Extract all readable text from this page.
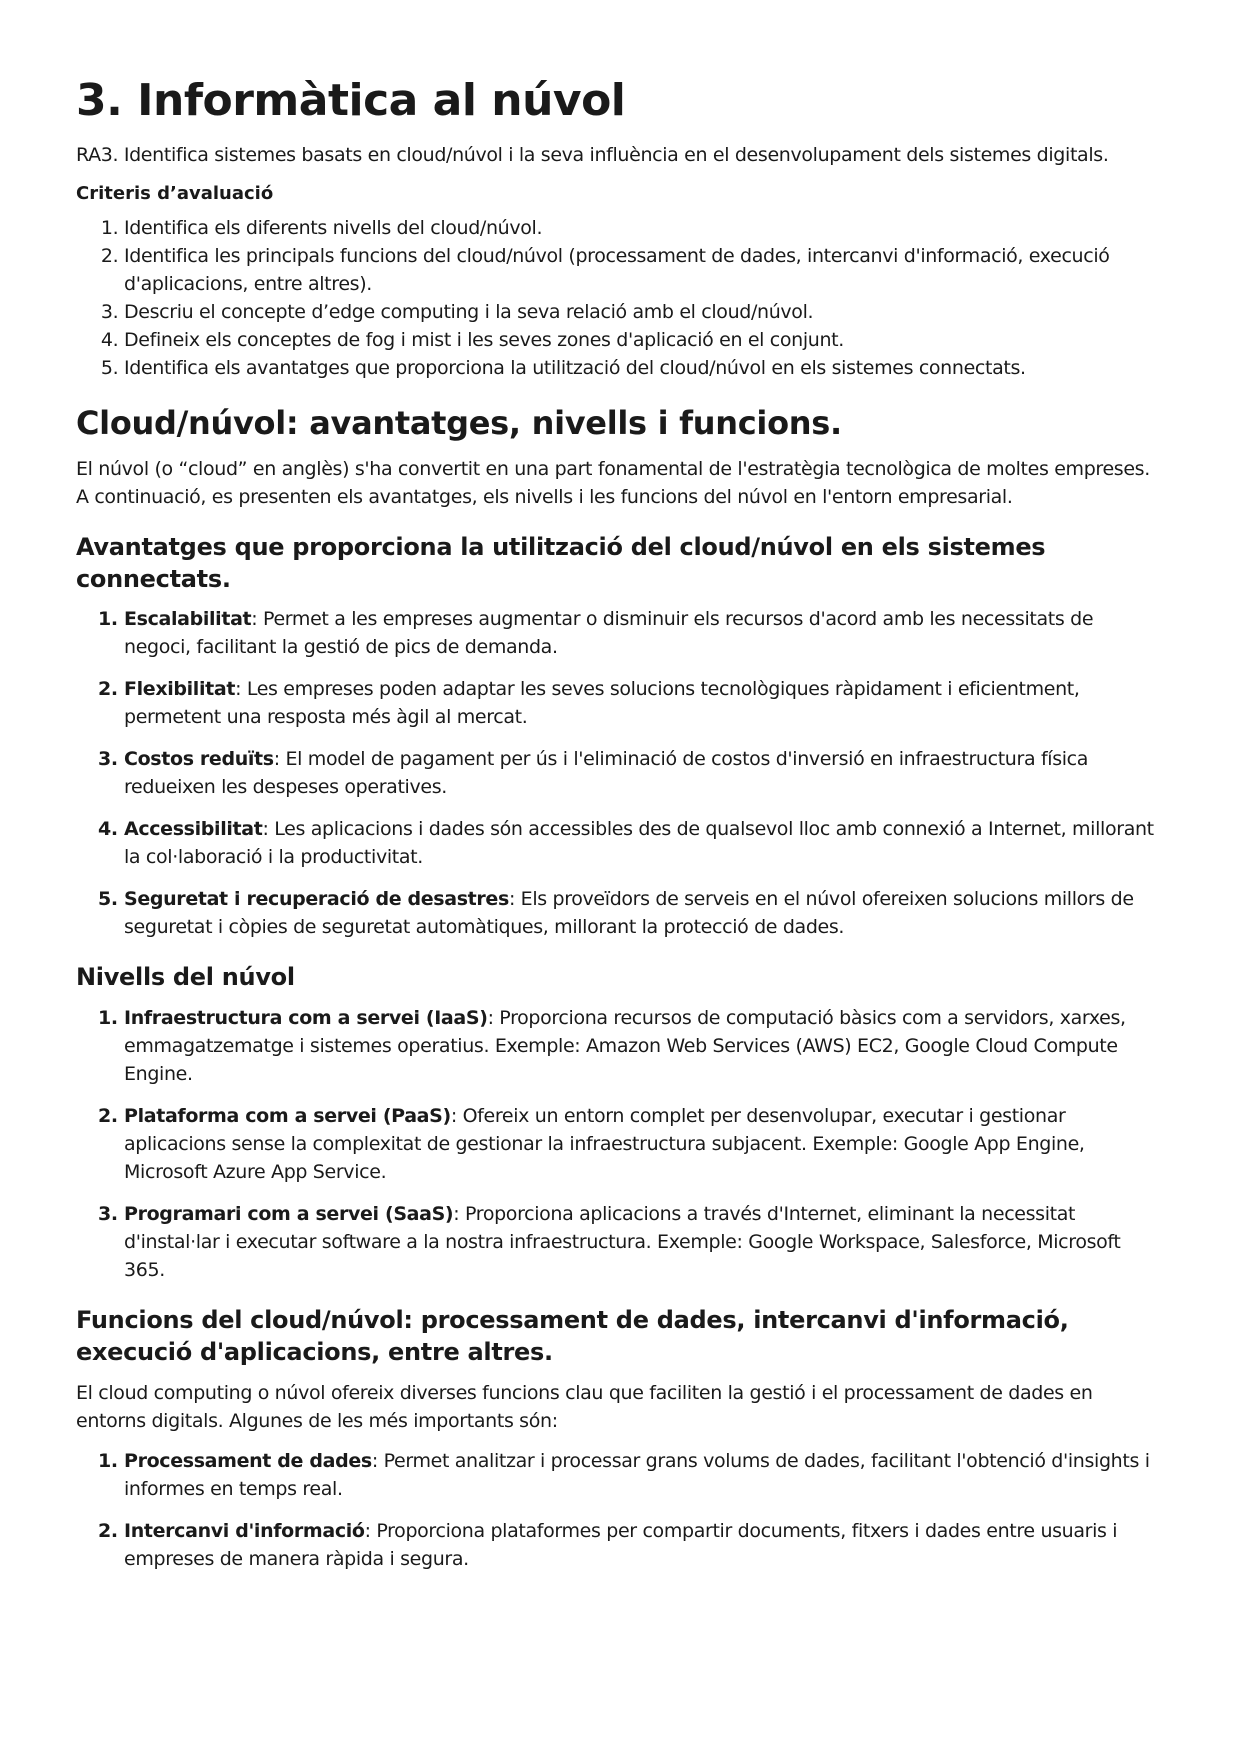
3. Informàtica al núvol

RA3. Identifica sistemes basats en cloud/núvol i la seva influència en el desenvolupament dels sistemes digitals.

Criteris d’avaluació
1. Identifica els diferents nivells del cloud/núvol.
2. Identifica les principals funcions del cloud/núvol (processament de dades, intercanvi d'informació, execució d'aplicacions, entre altres).
3. Descriu el concepte d’edge computing i la seva relació amb el cloud/núvol.
4. Defineix els conceptes de fog i mist i les seves zones d'aplicació en el conjunt.
5. Identifica els avantatges que proporciona la utilització del cloud/núvol en els sistemes connectats.
Cloud/núvol: avantatges, nivells i funcions.

El núvol (o “cloud” en anglès) s'ha convertit en una part fonamental de l'estratègia tecnològica de moltes empreses. A continuació, es presenten els avantatges, els nivells i les funcions del núvol en l'entorn empresarial.

Avantatges que proporciona la utilització del cloud/núvol en els sistemes connectats.
1. Escalabilitat: Permet a les empreses augmentar o disminuir els recursos d'acord amb les necessitats de negoci, facilitant la gestió de pics de demanda.
2. Flexibilitat: Les empreses poden adaptar les seves solucions tecnològiques ràpidament i eficientment, permetent una resposta més àgil al mercat.
3. Costos reduïts: El model de pagament per ús i l'eliminació de costos d'inversió en infraestructura física redueixen les despeses operatives.
4. Accessibilitat: Les aplicacions i dades són accessibles des de qualsevol lloc amb connexió a Internet, millorant la col·laboració i la productivitat.
5. Seguretat i recuperació de desastres: Els proveïdors de serveis en el núvol ofereixen solucions millors de seguretat i còpies de seguretat automàtiques, millorant la protecció de dades.
Nivells del núvol
1. Infraestructura com a servei (IaaS): Proporciona recursos de computació bàsics com a servidors, xarxes, emmagatzematge i sistemes operatius. Exemple: Amazon Web Services (AWS) EC2, Google Cloud Compute Engine.
2. Plataforma com a servei (PaaS): Ofereix un entorn complet per desenvolupar, executar i gestionar aplicacions sense la complexitat de gestionar la infraestructura subjacent. Exemple: Google App Engine, Microsoft Azure App Service.
3. Programari com a servei (SaaS): Proporciona aplicacions a través d'Internet, eliminant la necessitat d'instal·lar i executar software a la nostra infraestructura. Exemple: Google Workspace, Salesforce, Microsoft 365.
Funcions del cloud/núvol: processament de dades, intercanvi d'informació, execució d'aplicacions, entre altres.

El cloud computing o núvol ofereix diverses funcions clau que faciliten la gestió i el processament de dades en entorns digitals. Algunes de les més importants són:

1. Processament de dades: Permet analitzar i processar grans volums de dades, facilitant l'obtenció d'insights i informes en temps real.
2. Intercanvi d'informació: Proporciona plataformes per compartir documents, fitxers i dades entre usuaris i empreses de manera ràpida i segura.
